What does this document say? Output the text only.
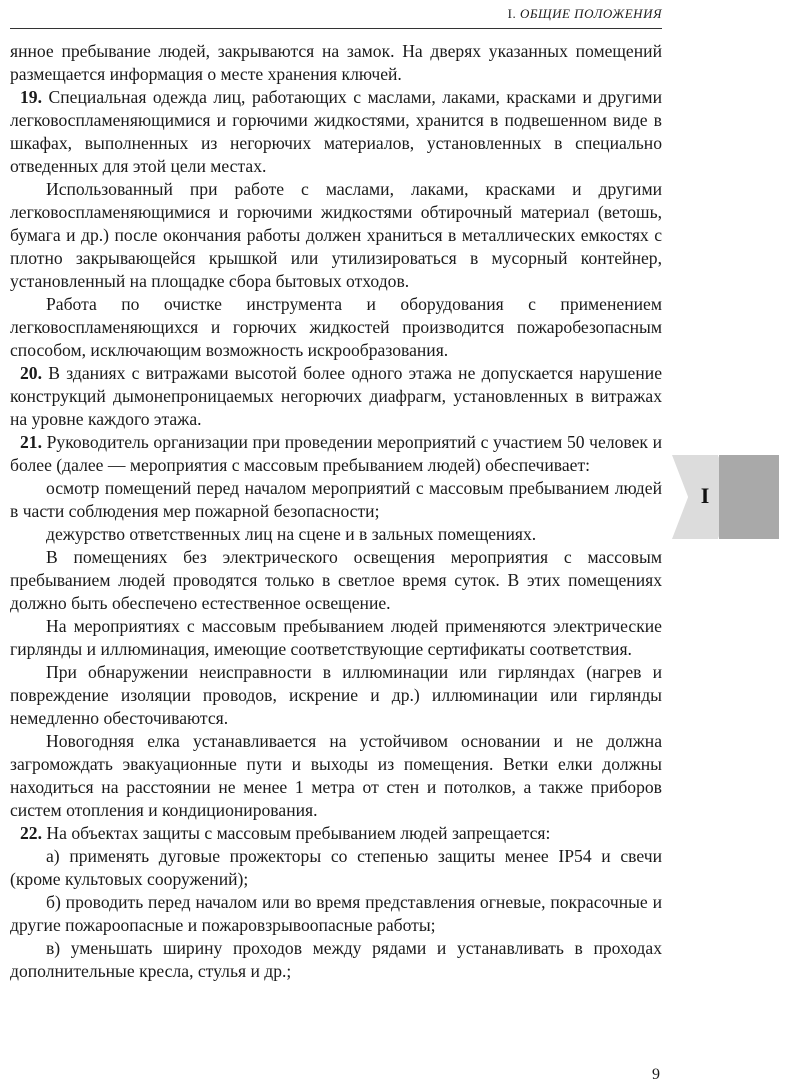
I. ОБЩИЕ ПОЛОЖЕНИЯ

янное пребывание людей, закрываются на замок. На дверях указанных помещений размещается информация о месте хранения ключей.

19. Специальная одежда лиц, работающих с маслами, лаками, красками и другими легковоспламеняющимися и горючими жидкостями, хранится в подвешенном виде в шкафах, выполненных из негорючих материалов, установленных в специально отведенных для этой цели местах.

Использованный при работе с маслами, лаками, красками и другими легковоспламеняющимися и горючими жидкостями обтирочный материал (ветошь, бумага и др.) после окончания работы должен храниться в металлических емкостях с плотно закрывающейся крышкой или утилизироваться в мусорный контейнер, установленный на площадке сбора бытовых отходов.

Работа по очистке инструмента и оборудования с применением легковоспламеняющихся и горючих жидкостей производится пожаробезопасным способом, исключающим возможность искрообразования.

20. В зданиях с витражами высотой более одного этажа не допускается нарушение конструкций дымонепроницаемых негорючих диафрагм, установленных в витражах на уровне каждого этажа.

21. Руководитель организации при проведении мероприятий с участием 50 человек и более (далее — мероприятия с массовым пребыванием людей) обеспечивает:

осмотр помещений перед началом мероприятий с массовым пребыванием людей в части соблюдения мер пожарной безопасности;

дежурство ответственных лиц на сцене и в зальных помещениях.

В помещениях без электрического освещения мероприятия с массовым пребыванием людей проводятся только в светлое время суток. В этих помещениях должно быть обеспечено естественное освещение.

На мероприятиях с массовым пребыванием людей применяются электрические гирлянды и иллюминация, имеющие соответствующие сертификаты соответствия.

При обнаружении неисправности в иллюминации или гирляндах (нагрев и повреждение изоляции проводов, искрение и др.) иллюминации или гирлянды немедленно обесточиваются.

Новогодняя елка устанавливается на устойчивом основании и не должна загромождать эвакуационные пути и выходы из помещения. Ветки елки должны находиться на расстоянии не менее 1 метра от стен и потолков, а также приборов систем отопления и кондиционирования.

22. На объектах защиты с массовым пребыванием людей запрещается:

а) применять дуговые прожекторы со степенью защиты менее IP54 и свечи (кроме культовых сооружений);

б) проводить перед началом или во время представления огневые, покрасочные и другие пожароопасные и пожаровзрывоопасные работы;

в) уменьшать ширину проходов между рядами и устанавливать в проходах дополнительные кресла, стулья и др.;

I
9
